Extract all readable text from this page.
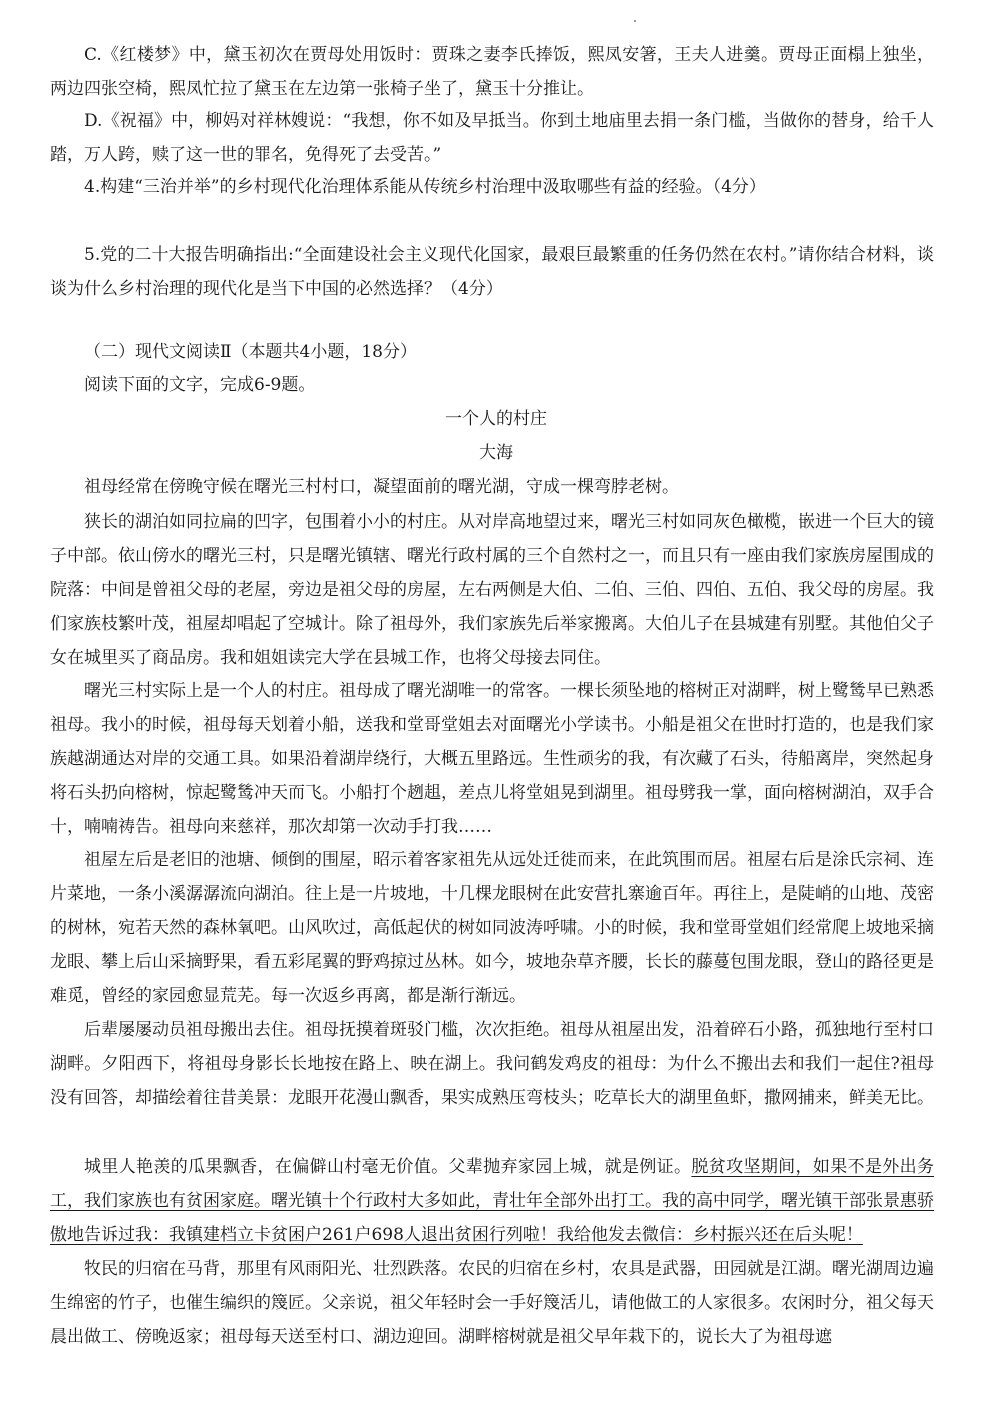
C.《红楼梦》中，黛玉初次在贾母处用饭时：贾珠之妻李氏捧饭，熙凤安箸，王夫人进羹。贾母正面榻上独坐，两边四张空椅，熙凤忙拉了黛玉在左边第一张椅子坐了，黛玉十分推让。

D.《祝福》中，柳妈对祥林嫂说：“我想，你不如及早抵当。你到土地庙里去捐一条门槛，当做你的替身，给千人踏，万人跨，赎了这一世的罪名，免得死了去受苦。”

4.构建“三治并举”的乡村现代化治理体系能从传统乡村治理中汲取哪些有益的经验。（4分）

5.党的二十大报告明确指出:“全面建设社会主义现代化国家，最艰巨最繁重的任务仍然在农村。”请你结合材料，谈谈为什么乡村治理的现代化是当下中国的必然选择？（4分）

（二）现代文阅读Ⅱ（本题共4小题，18分）

阅读下面的文字，完成6-9题。

一个人的村庄

大海

祖母经常在傍晚守候在曙光三村村口，凝望面前的曙光湖，守成一棵弯脖老树。

狭长的湖泊如同拉扁的凹字，包围着小小的村庄。从对岸高地望过来，曙光三村如同灰色橄榄，嵌进一个巨大的镜子中部。依山傍水的曙光三村，只是曙光镇辖、曙光行政村属的三个自然村之一，而且只有一座由我们家族房屋围成的院落：中间是曾祖父母的老屋，旁边是祖父母的房屋，左右两侧是大伯、二伯、三伯、四伯、五伯、我父母的房屋。我们家族枝繁叶茂，祖屋却唱起了空城计。除了祖母外，我们家族先后举家搬离。大伯儿子在县城建有别墅。其他伯父子女在城里买了商品房。我和姐姐读完大学在县城工作，也将父母接去同住。

曙光三村实际上是一个人的村庄。祖母成了曙光湖唯一的常客。一棵长须坠地的榕树正对湖畔，树上鹭鸶早已熟悉祖母。我小的时候，祖母每天划着小船，送我和堂哥堂姐去对面曙光小学读书。小船是祖父在世时打造的，也是我们家族越湖通达对岸的交通工具。如果沿着湖岸绕行，大概五里路远。生性顽劣的我，有次藏了石头，待船离岸，突然起身将石头扔向榕树，惊起鹭鸶冲天而飞。小船打个趔趄，差点儿将堂姐晃到湖里。祖母劈我一掌，面向榕树湖泊，双手合十，喃喃祷告。祖母向来慈祥，那次却第一次动手打我……

祖屋左后是老旧的池塘、倾倒的围屋，昭示着客家祖先从远处迁徙而来，在此筑围而居。祖屋右后是涂氏宗祠、连片菜地，一条小溪潺潺流向湖泊。往上是一片坡地，十几棵龙眼树在此安营扎寨逾百年。再往上，是陡峭的山地、茂密的树林，宛若天然的森林氧吧。山风吹过，高低起伏的树如同波涛呼啸。小的时候，我和堂哥堂姐们经常爬上坡地采摘龙眼、攀上后山采摘野果，看五彩尾翼的野鸡掠过丛林。如今，坡地杂草齐腰，长长的藤蔓包围龙眼，登山的路径更是难觅，曾经的家园愈显荒芜。每一次返乡再离，都是渐行渐远。

后辈屡屡动员祖母搬出去住。祖母抚摸着斑驳门槛，次次拒绝。祖母从祖屋出发，沿着碎石小路，孤独地行至村口湖畔。夕阳西下，将祖母身影长长地按在路上、映在湖上。我问鹤发鸡皮的祖母：为什么不搬出去和我们一起住?祖母没有回答，却描绘着往昔美景：龙眼开花漫山飘香，果实成熟压弯枝头；吃草长大的湖里鱼虾，撒网捕来，鲜美无比。

城里人艳羡的瓜果飘香，在偏僻山村毫无价值。父辈抛弃家园上城，就是例证。脱贫攻坚期间，如果不是外出务工，我们家族也有贫困家庭。曙光镇十个行政村大多如此，青壮年全部外出打工。我的高中同学，曙光镇干部张景惠骄傲地告诉过我：我镇建档立卡贫困户261户698人退出贫困行列啦！我给他发去微信：乡村振兴还在后头呢！

牧民的归宿在马背，那里有风雨阳光、壮烈跌落。农民的归宿在乡村，农具是武器，田园就是江湖。曙光湖周边遍生绵密的竹子，也催生编织的篾匠。父亲说，祖父年轻时会一手好篾活儿，请他做工的人家很多。农闲时分，祖父每天晨出做工、傍晚返家；祖母每天送至村口、湖边迎回。湖畔榕树就是祖父早年栽下的，说长大了为祖母遮
